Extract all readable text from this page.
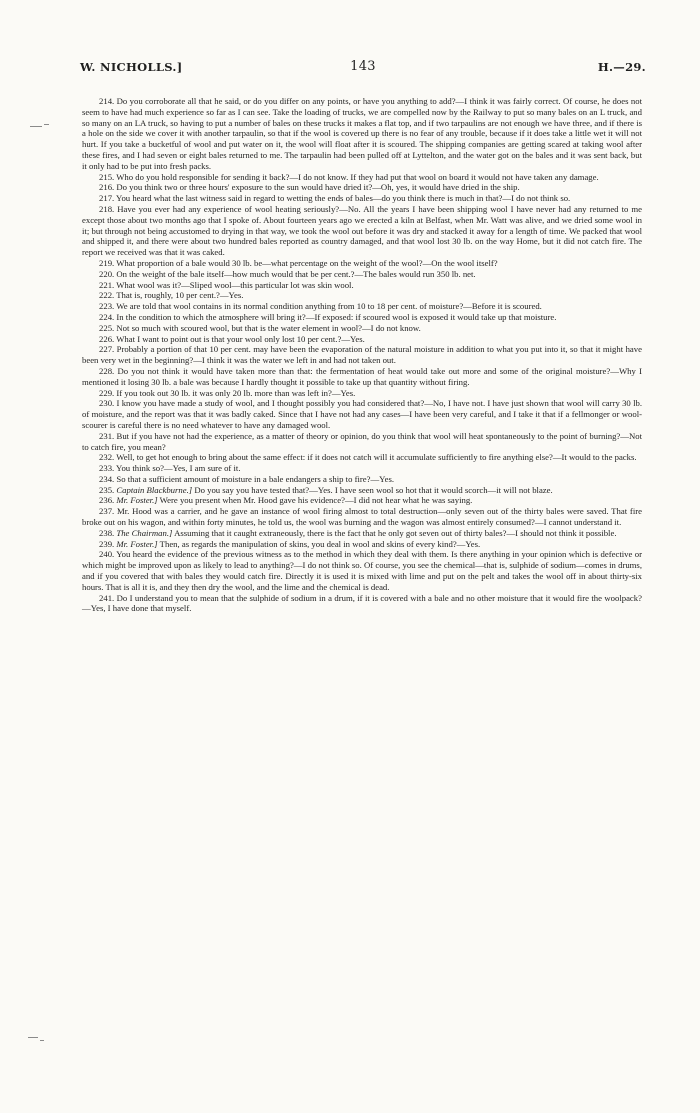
W. NICHOLLS.]	143	H.—29.

214. Do you corroborate all that he said, or do you differ on any points, or have you anything to add?—I think it was fairly correct. Of course, he does not seem to have had much experience so far as I can see. Take the loading of trucks, we are compelled now by the Railway to put so many bales on an L truck, and so many on an LA truck, so having to put a number of bales on these trucks it makes a flat top, and if two tarpaulins are not enough we have three, and if there is a hole on the side we cover it with another tarpaulin, so that if the wool is covered up there is no fear of any trouble, because if it does take a little wet it will not hurt. If you take a bucketful of wool and put water on it, the wool will float after it is scoured. The shipping companies are getting scared at taking wool after these fires, and I had seven or eight bales returned to me. The tarpaulin had been pulled off at Lyttelton, and the water got on the bales and it was sent back, but it only had to be put into fresh packs.

215. Who do you hold responsible for sending it back?—I do not know. If they had put that wool on board it would not have taken any damage.

216. Do you think two or three hours' exposure to the sun would have dried it?—Oh, yes, it would have dried in the ship.

217. You heard what the last witness said in regard to wetting the ends of bales—do you think there is much in that?—I do not think so.

218. Have you ever had any experience of wool heating seriously?—No. All the years I have been shipping wool I have never had any returned to me except those about two months ago that I spoke of. About fourteen years ago we erected a kiln at Belfast, when Mr. Watt was alive, and we dried some wool in it; but through not being accustomed to drying in that way, we took the wool out before it was dry and stacked it away for a length of time. We packed that wool and shipped it, and there were about two hundred bales reported as country damaged, and that wool lost 30 lb. on the way Home, but it did not catch fire. The report we received was that it was caked.

219. What proportion of a bale would 30 lb. be—what percentage on the weight of the wool?—On the wool itself?

220. On the weight of the bale itself—how much would that be per cent.?—The bales would run 350 lb. net.

221. What wool was it?—Sliped wool—this particular lot was skin wool.

222. That is, roughly, 10 per cent.?—Yes.

223. We are told that wool contains in its normal condition anything from 10 to 18 per cent. of moisture?—Before it is scoured.

224. In the condition to which the atmosphere will bring it?—If exposed: if scoured wool is exposed it would take up that moisture.

225. Not so much with scoured wool, but that is the water element in wool?—I do not know.

226. What I want to point out is that your wool only lost 10 per cent.?—Yes.

227. Probably a portion of that 10 per cent. may have been the evaporation of the natural moisture in addition to what you put into it, so that it might have been very wet in the beginning?—I think it was the water we left in and had not taken out.

228. Do you not think it would have taken more than that: the fermentation of heat would take out more and some of the original moisture?—Why I mentioned it losing 30 lb. a bale was because I hardly thought it possible to take up that quantity without firing.

229. If you took out 30 lb. it was only 20 lb. more than was left in?—Yes.

230. I know you have made a study of wool, and I thought possibly you had considered that?—No, I have not. I have just shown that wool will carry 30 lb. of moisture, and the report was that it was badly caked. Since that I have not had any cases—I have been very careful, and I take it that if a fellmonger or wool-scourer is careful there is no need whatever to have any damaged wool.

231. But if you have not had the experience, as a matter of theory or opinion, do you think that wool will heat spontaneously to the point of burning?—Not to catch fire, you mean?

232. Well, to get hot enough to bring about the same effect: if it does not catch will it accumulate sufficiently to fire anything else?—It would to the packs.

233. You think so?—Yes, I am sure of it.

234. So that a sufficient amount of moisture in a bale endangers a ship to fire?—Yes.

235. Captain Blackburne.] Do you say you have tested that?—Yes. I have seen wool so hot that it would scorch—it will not blaze.

236. Mr. Foster.] Were you present when Mr. Hood gave his evidence?—I did not hear what he was saying.

237. Mr. Hood was a carrier, and he gave an instance of wool firing almost to total destruction—only seven out of the thirty bales were saved. That fire broke out on his wagon, and within forty minutes, he told us, the wool was burning and the wagon was almost entirely consumed?—I cannot understand it.

238. The Chairman.] Assuming that it caught extraneously, there is the fact that he only got seven out of thirty bales?—I should not think it possible.

239. Mr. Foster.] Then, as regards the manipulation of skins, you deal in wool and skins of every kind?—Yes.

240. You heard the evidence of the previous witness as to the method in which they deal with them. Is there anything in your opinion which is defective or which might be improved upon as likely to lead to anything?—I do not think so. Of course, you see the chemical—that is, sulphide of sodium—comes in drums, and if you covered that with bales they would catch fire. Directly it is used it is mixed with lime and put on the pelt and takes the wool off in about thirty-six hours. That is all it is, and they then dry the wool, and the lime and the chemical is dead.

241. Do I understand you to mean that the sulphide of sodium in a drum, if it is covered with a bale and no other moisture that it would fire the woolpack?—Yes, I have done that myself.
